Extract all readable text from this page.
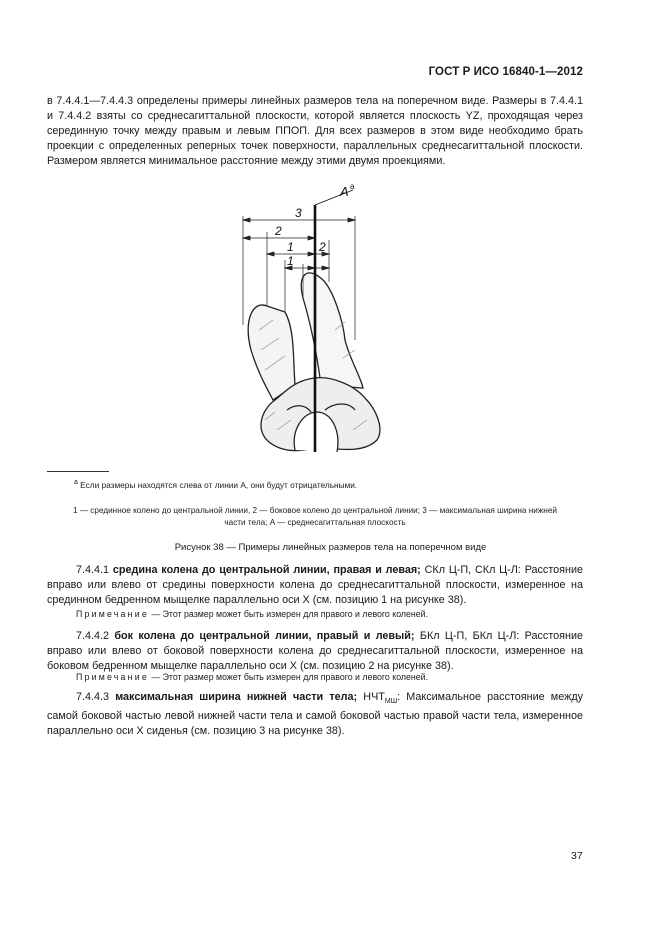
ГОСТ Р ИСО 16840-1—2012
в 7.4.4.1—7.4.4.3 определены примеры линейных размеров тела на поперечном виде. Размеры в 7.4.4.1 и 7.4.4.2 взяты со среднесагиттальной плоскости, которой является плоскость YZ, проходящая через серединную точку между правым и левым ППОП. Для всех размеров в этом виде необходимо брать проекции с определенных реперных точек поверхности, параллельных среднесагиттальной плоскости. Размером является минимальное расстояние между этими двумя проекциями.
3
2
1 2
1
A a
$^a$ Если размеры находятся слева от линии A, они будут отрицательными.
1 — срединное колено до центральной линии, 2 — боковое колено до центральной линии; 3 — максимальная ширина нижней
части тела; A — среднесагиттальная плоскость
Рисунок 38 — Примеры линейных размеров тела на поперечном виде
7.4.4.1 средина колена до центральной линии, правая и левая; СКл Ц-П, СКл Ц-Л: Расстояние вправо или влево от средины поверхности колена до среднесагиттальной плоскости, измеренное на срединном бедренном мыщелке параллельно оси X (см. позицию 1 на рисунке 38).
Примечание — Этот размер может быть измерен для правого и левого коленей.
7.4.4.2 бок колена до центральной линии, правый и левый; БКл Ц-П, БКл Ц-Л: Расстояние вправо или влево от боковой поверхности колена до среднесагиттальной плоскости, измеренное на боковом бедренном мыщелке параллельно оси X (см. позицию 2 на рисунке 38).
Примечание — Этот размер может быть измерен для правого и левого коленей.
7.4.4.3 максимальная ширина нижней части тела; $НЧТ_{МШ}$: Максимальное расстояние между самой боковой частью левой нижней части тела и самой боковой частью правой части тела, измеренное параллельно оси X сиденья (см. позицию 3 на рисунке 38).
37
